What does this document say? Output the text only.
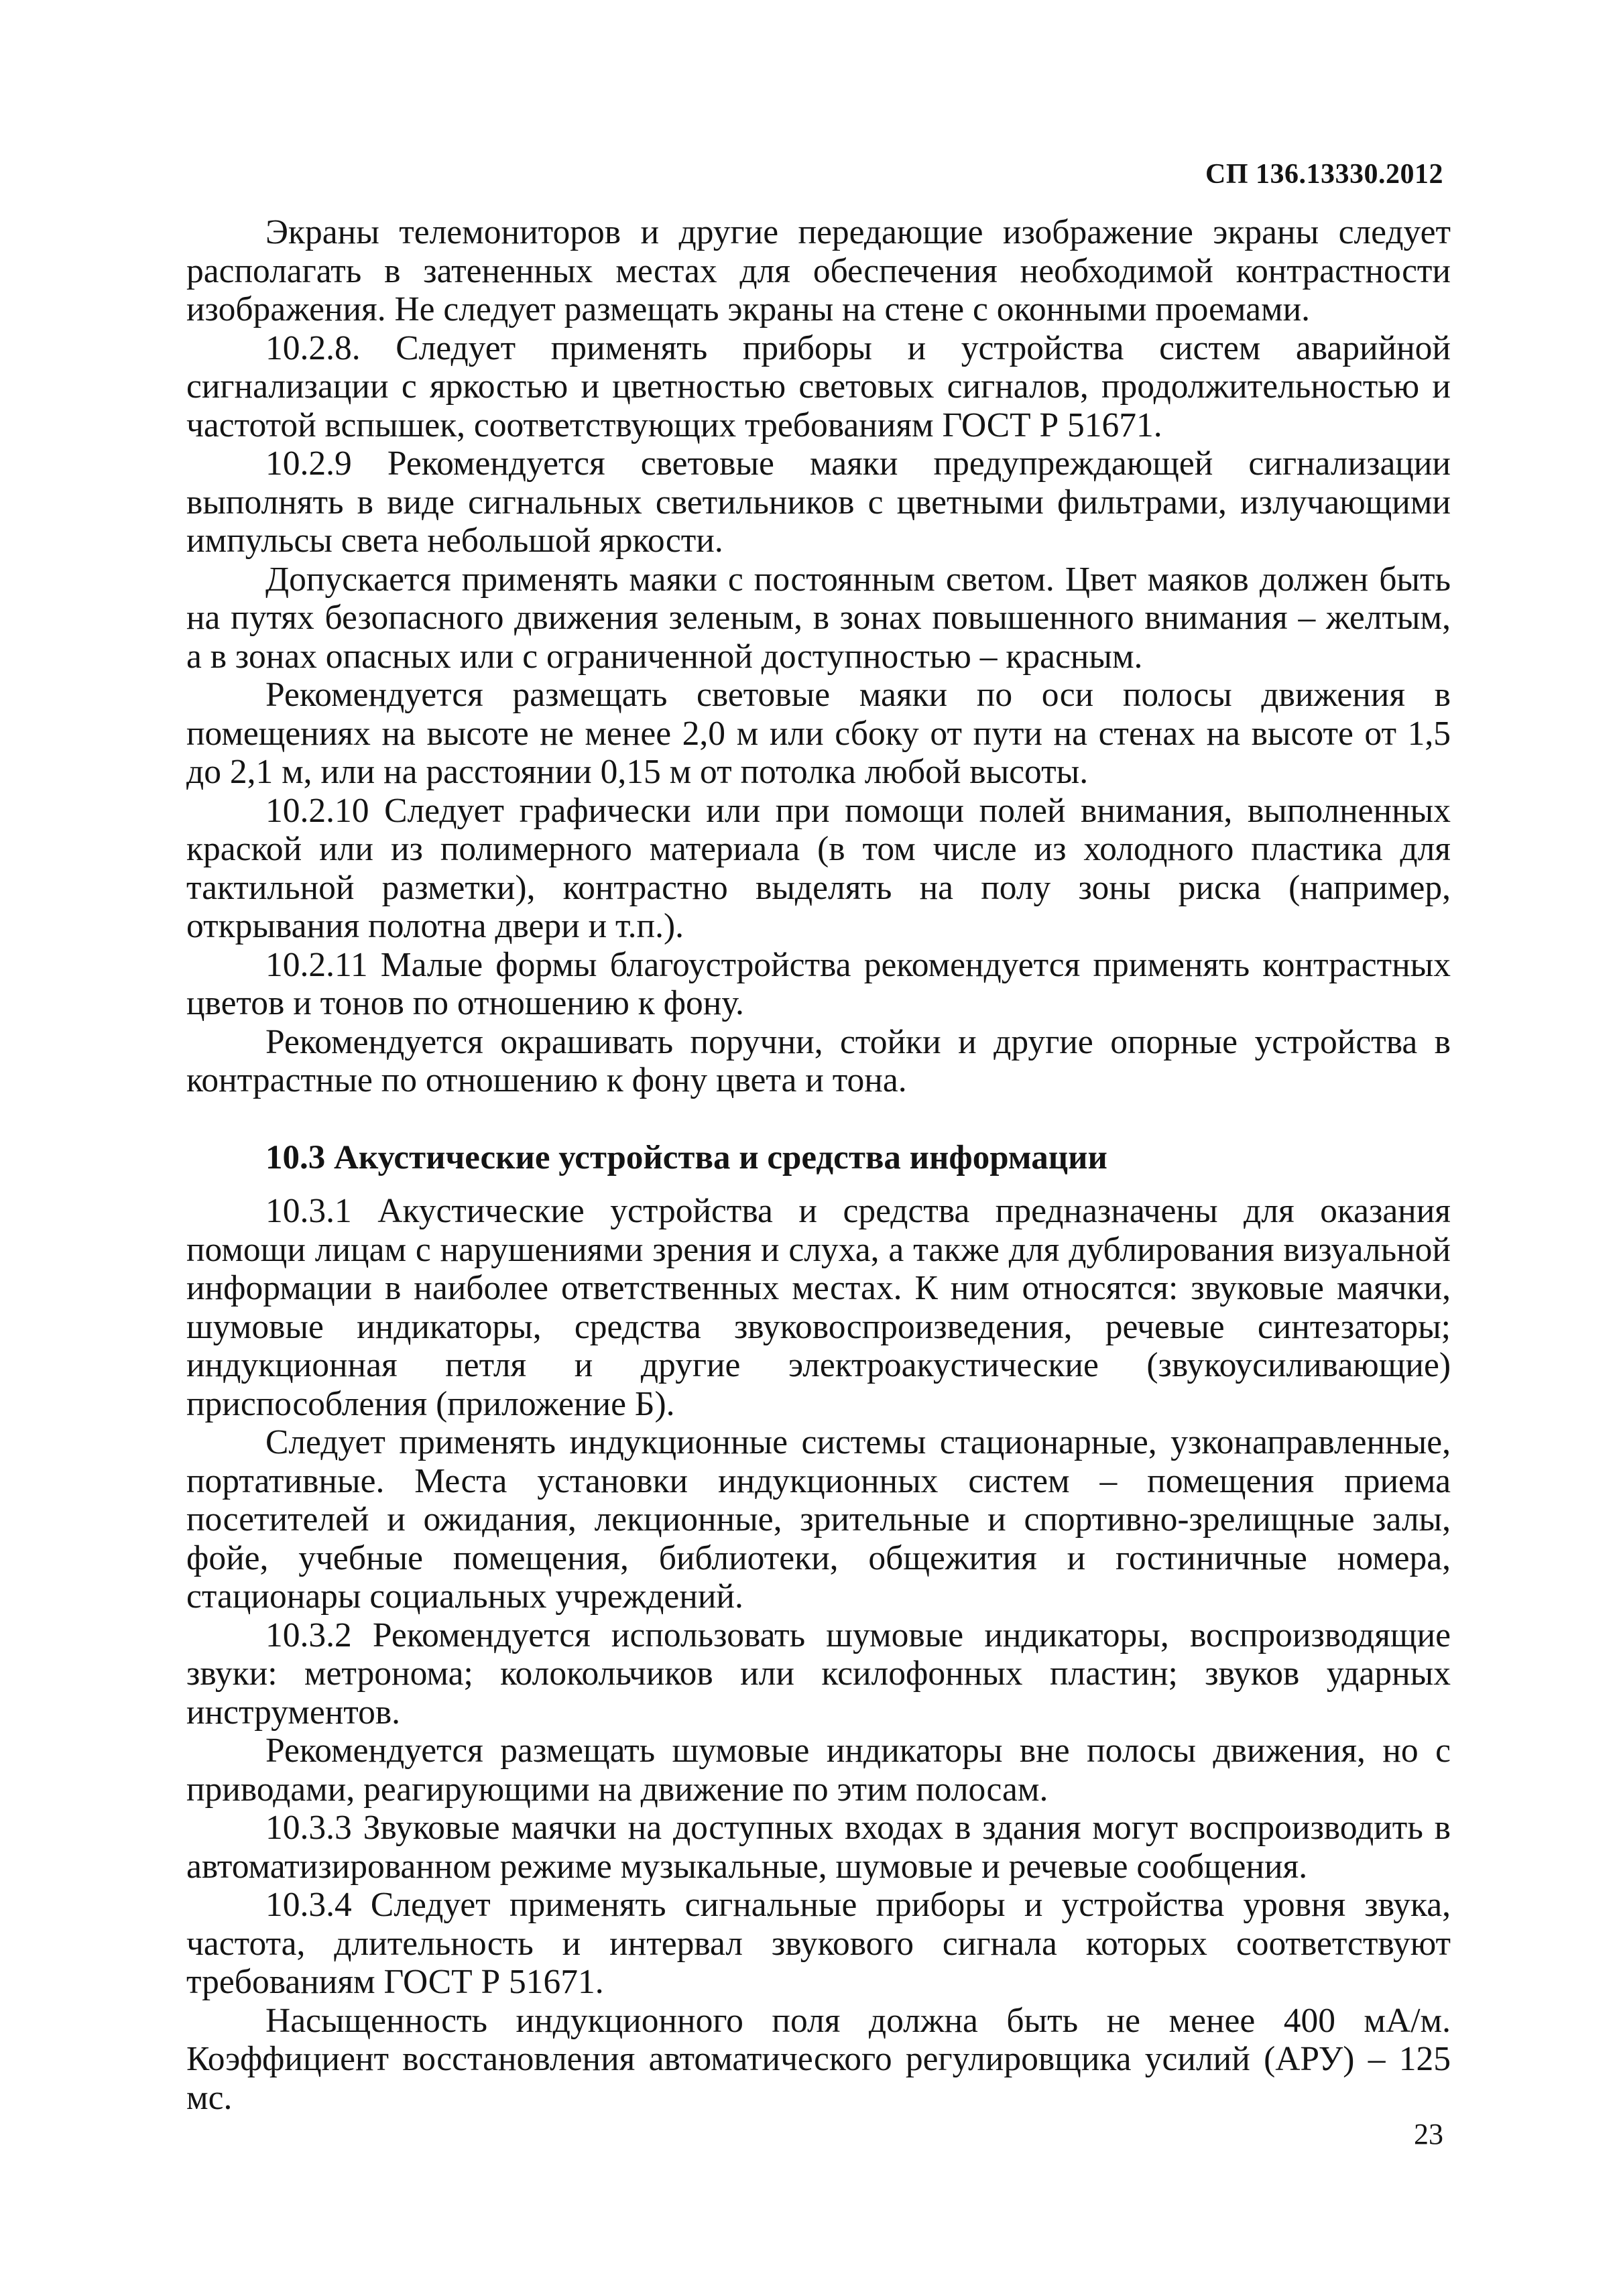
СП 136.13330.2012

Экраны телемониторов и другие передающие изображение экраны следует располагать в затененных местах для обеспечения необходимой контрастности изображения. Не следует размещать экраны на стене с оконными проемами.

10.2.8. Следует применять приборы и устройства систем аварийной сигнализации с яркостью и цветностью световых сигналов, продолжительностью и частотой вспышек, соответствующих требованиям ГОСТ Р 51671.

10.2.9 Рекомендуется световые маяки предупреждающей сигнализации выполнять в виде сигнальных светильников с цветными фильтрами, излучающими импульсы света небольшой яркости.

Допускается применять маяки с постоянным светом. Цвет маяков должен быть на путях безопасного движения зеленым, в зонах повышенного внимания – желтым, а в зонах опасных или с ограниченной доступностью – красным.

Рекомендуется размещать световые маяки по оси полосы движения в помещениях на высоте не менее 2,0 м или сбоку от пути на стенах на высоте от 1,5 до 2,1 м, или на расстоянии 0,15 м от потолка любой высоты.

10.2.10 Следует графически или при помощи полей внимания, выполненных краской или из полимерного материала (в том числе из холодного пластика для тактильной разметки), контрастно выделять на полу зоны риска (например, открывания полотна двери и т.п.).

10.2.11 Малые формы благоустройства рекомендуется применять контрастных цветов и тонов по отношению к фону.

Рекомендуется окрашивать поручни, стойки и другие опорные устройства в контрастные по отношению к фону цвета и тона.

10.3 Акустические устройства и средства информации

10.3.1 Акустические устройства и средства предназначены для оказания помощи лицам с нарушениями зрения и слуха, а также для дублирования визуальной информации в наиболее ответственных местах. К ним относятся: звуковые маячки, шумовые индикаторы, средства звуковоспроизведения, речевые синтезаторы; индукционная петля и другие электроакустические (звукоусиливающие) приспособления (приложение Б).

Следует применять индукционные системы стационарные, узконаправленные, портативные. Места установки индукционных систем – помещения приема посетителей и ожидания, лекционные, зрительные и спортивно-зрелищные залы, фойе, учебные помещения, библиотеки, общежития и гостиничные номера, стационары социальных учреждений.

10.3.2 Рекомендуется использовать шумовые индикаторы, воспроизводящие звуки: метронома; колокольчиков или ксилофонных пластин; звуков ударных инструментов.

Рекомендуется размещать шумовые индикаторы вне полосы движения, но с приводами, реагирующими на движение по этим полосам.

10.3.3 Звуковые маячки на доступных входах в здания могут воспроизводить в автоматизированном режиме музыкальные, шумовые и речевые сообщения.

10.3.4 Следует применять сигнальные приборы и устройства уровня звука, частота, длительность и интервал звукового сигнала которых соответствуют требованиям ГОСТ Р 51671.

Насыщенность индукционного поля должна быть не менее 400 мА/м. Коэффициент восстановления автоматического регулировщика усилий (АРУ) – 125 мс.

23
